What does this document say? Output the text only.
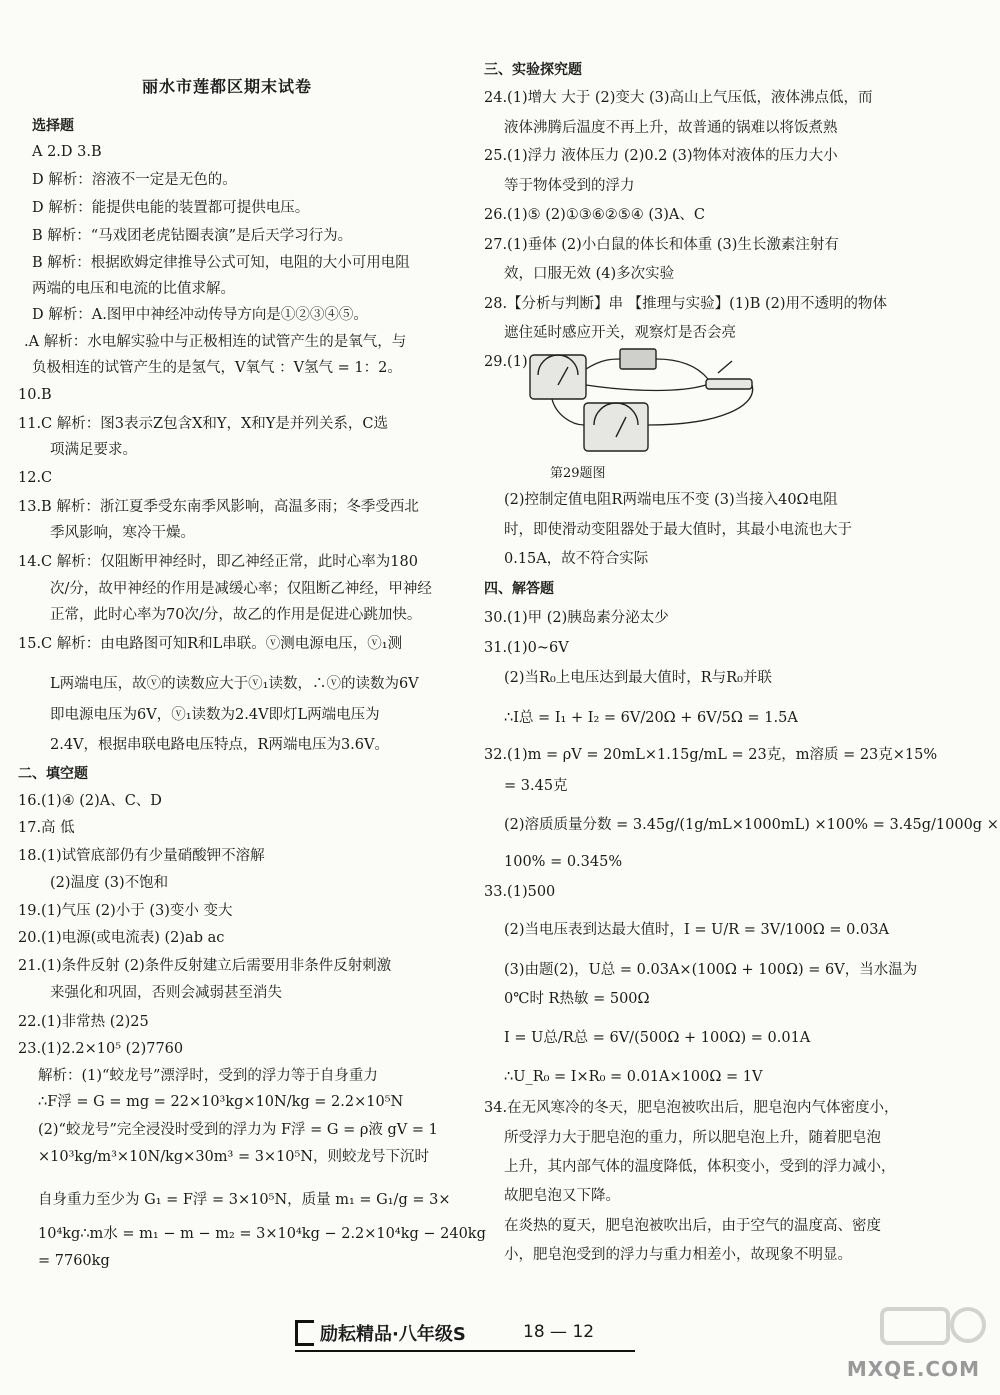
丽水市莲都区期末试卷
选择题
A 2.D 3.B
D 解析：溶液不一定是无色的。
D 解析：能提供电能的装置都可提供电压。
B 解析：“马戏团老虎钻圈表演”是后天学习行为。
B 解析：根据欧姆定律推导公式可知，电阻的大小可用电阻
两端的电压和电流的比值求解。
D 解析：A.图甲中神经冲动传导方向是①②③④⑤。
.A 解析：水电解实验中与正极相连的试管产生的是氧气，与
负极相连的试管产生的是氢气，V氧气 ：V氢气 = 1：2。
10.B
11.C 解析：图3表示Z包含X和Y，X和Y是并列关系，C选
项满足要求。
12.C
13.B 解析：浙江夏季受东南季风影响，高温多雨；冬季受西北
季风影响，寒冷干燥。
14.C 解析：仅阻断甲神经时，即乙神经正常，此时心率为180
次/分，故甲神经的作用是减缓心率；仅阻断乙神经，甲神经
正常，此时心率为70次/分，故乙的作用是促进心跳加快。
15.C 解析：由电路图可知R和L串联。ⓥ测电源电压，ⓥ₁测
L两端电压，故ⓥ的读数应大于ⓥ₁读数，∴ⓥ的读数为6V
即电源电压为6V，ⓥ₁读数为2.4V即灯L两端电压为
2.4V，根据串联电路电压特点，R两端电压为3.6V。
二、填空题
16.(1)④ (2)A、C、D
17.高 低
18.(1)试管底部仍有少量硝酸钾不溶解
(2)温度 (3)不饱和
19.(1)气压 (2)小于 (3)变小 变大
20.(1)电源(或电流表) (2)ab ac
21.(1)条件反射 (2)条件反射建立后需要用非条件反射刺激
来强化和巩固，否则会减弱甚至消失
22.(1)非常热 (2)25
23.(1)2.2×10⁵ (2)7760
解析：(1)“蛟龙号”漂浮时，受到的浮力等于自身重力
∴F浮 = G = mg = 22×10³kg×10N/kg = 2.2×10⁵N
(2)“蛟龙号”完全浸没时受到的浮力为 F浮 = G = ρ液 gV = 1
×10³kg/m³×10N/kg×30m³ = 3×10⁵N，则蛟龙号下沉时
自身重力至少为 G₁ = F浮 = 3×10⁵N，质量 m₁ = G₁/g = 3×
10⁴kg∴m水 = m₁ − m − m₂ = 3×10⁴kg − 2.2×10⁴kg − 240kg
= 7760kg
三、实验探究题
24.(1)增大 大于 (2)变大 (3)高山上气压低，液体沸点低，而
液体沸腾后温度不再上升，故普通的锅难以将饭煮熟
25.(1)浮力 液体压力 (2)0.2 (3)物体对液体的压力大小
等于物体受到的浮力
26.(1)⑤ (2)①③⑥②⑤④ (3)A、C
27.(1)垂体 (2)小白鼠的体长和体重 (3)生长激素注射有
效，口服无效 (4)多次实验
28.【分析与判断】串 【推理与实验】(1)B (2)用不透明的物体
遮住延时感应开关，观察灯是否会亮
29.(1)
第29题图
(2)控制定值电阻R两端电压不变 (3)当接入40Ω电阻
时，即使滑动变阻器处于最大值时，其最小电流也大于
0.15A，故不符合实际
四、解答题
30.(1)甲 (2)胰岛素分泌太少
31.(1)0~6V
(2)当R₀上电压达到最大值时，R与R₀并联
∴I总 = I₁ + I₂ = 6V/20Ω + 6V/5Ω = 1.5A
32.(1)m = ρV = 20mL×1.15g/mL = 23克，m溶质 = 23克×15%
= 3.45克
(2)溶质质量分数 = 3.45g/(1g/mL×1000mL) ×100% = 3.45g/1000g ×
100% = 0.345%
33.(1)500
(2)当电压表到达最大值时，I = U/R = 3V/100Ω = 0.03A
(3)由题(2)，U总 = 0.03A×(100Ω + 100Ω) = 6V，当水温为
0℃时 R热敏 = 500Ω
I = U总/R总 = 6V/(500Ω + 100Ω) = 0.01A
∴U_R₀ = I×R₀ = 0.01A×100Ω = 1V
34.在无风寒冷的冬天，肥皂泡被吹出后，肥皂泡内气体密度小，
所受浮力大于肥皂泡的重力，所以肥皂泡上升，随着肥皂泡
上升，其内部气体的温度降低，体积变小，受到的浮力减小，
故肥皂泡又下降。
在炎热的夏天，肥皂泡被吹出后，由于空气的温度高、密度
小，肥皂泡受到的浮力与重力相差小，故现象不明显。
励耘精品·八年级S	18 — 12
MXQE.COM
